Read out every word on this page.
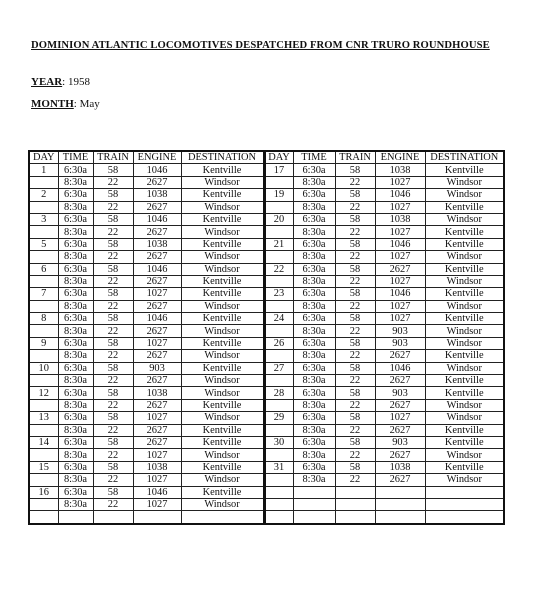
DOMINION ATLANTIC LOCOMOTIVES DESPATCHED FROM CNR TRURO ROUNDHOUSE
YEAR: 1958
MONTH: May
DAY	TIME	TRAIN	ENGINE	DESTINATION	DAY	TIME	TRAIN	ENGINE	DESTINATION
1	6:30a	58	1046	Kentville	17	6:30a	58	1038	Kentville
	8:30a	22	2627	Windsor		8:30a	22	1027	Windsor
2	6:30a	58	1038	Kentville	19	6:30a	58	1046	Windsor
	8:30a	22	2627	Windsor		8:30a	22	1027	Kentville
3	6:30a	58	1046	Kentville	20	6:30a	58	1038	Windsor
	8:30a	22	2627	Windsor		8:30a	22	1027	Kentville
5	6:30a	58	1038	Kentville	21	6:30a	58	1046	Kentville
	8:30a	22	2627	Windsor		8:30a	22	1027	Windsor
6	6:30a	58	1046	Windsor	22	6:30a	58	2627	Kentville
	8:30a	22	2627	Kentville		8:30a	22	1027	Windsor
7	6:30a	58	1027	Kentville	23	6:30a	58	1046	Kentville
	8:30a	22	2627	Windsor		8:30a	22	1027	Windsor
8	6:30a	58	1046	Kentville	24	6:30a	58	1027	Kentville
	8:30a	22	2627	Windsor		8:30a	22	903	Windsor
9	6:30a	58	1027	Kentville	26	6:30a	58	903	Windsor
	8:30a	22	2627	Windsor		8:30a	22	2627	Kentville
10	6:30a	58	903	Kentville	27	6:30a	58	1046	Windsor
	8:30a	22	2627	Windsor		8:30a	22	2627	Kentville
12	6:30a	58	1038	Windsor	28	6:30a	58	903	Kentville
	8:30a	22	2627	Kentville		8:30a	22	2627	Windsor
13	6:30a	58	1027	Windsor	29	6:30a	58	1027	Windsor
	8:30a	22	2627	Kentville		8:30a	22	2627	Kentville
14	6:30a	58	2627	Kentville	30	6:30a	58	903	Kentville
	8:30a	22	1027	Windsor		8:30a	22	2627	Windsor
15	6:30a	58	1038	Kentville	31	6:30a	58	1038	Kentville
	8:30a	22	1027	Windsor		8:30a	22	2627	Windsor
16	6:30a	58	1046	Kentville					
	8:30a	22	1027	Windsor					
